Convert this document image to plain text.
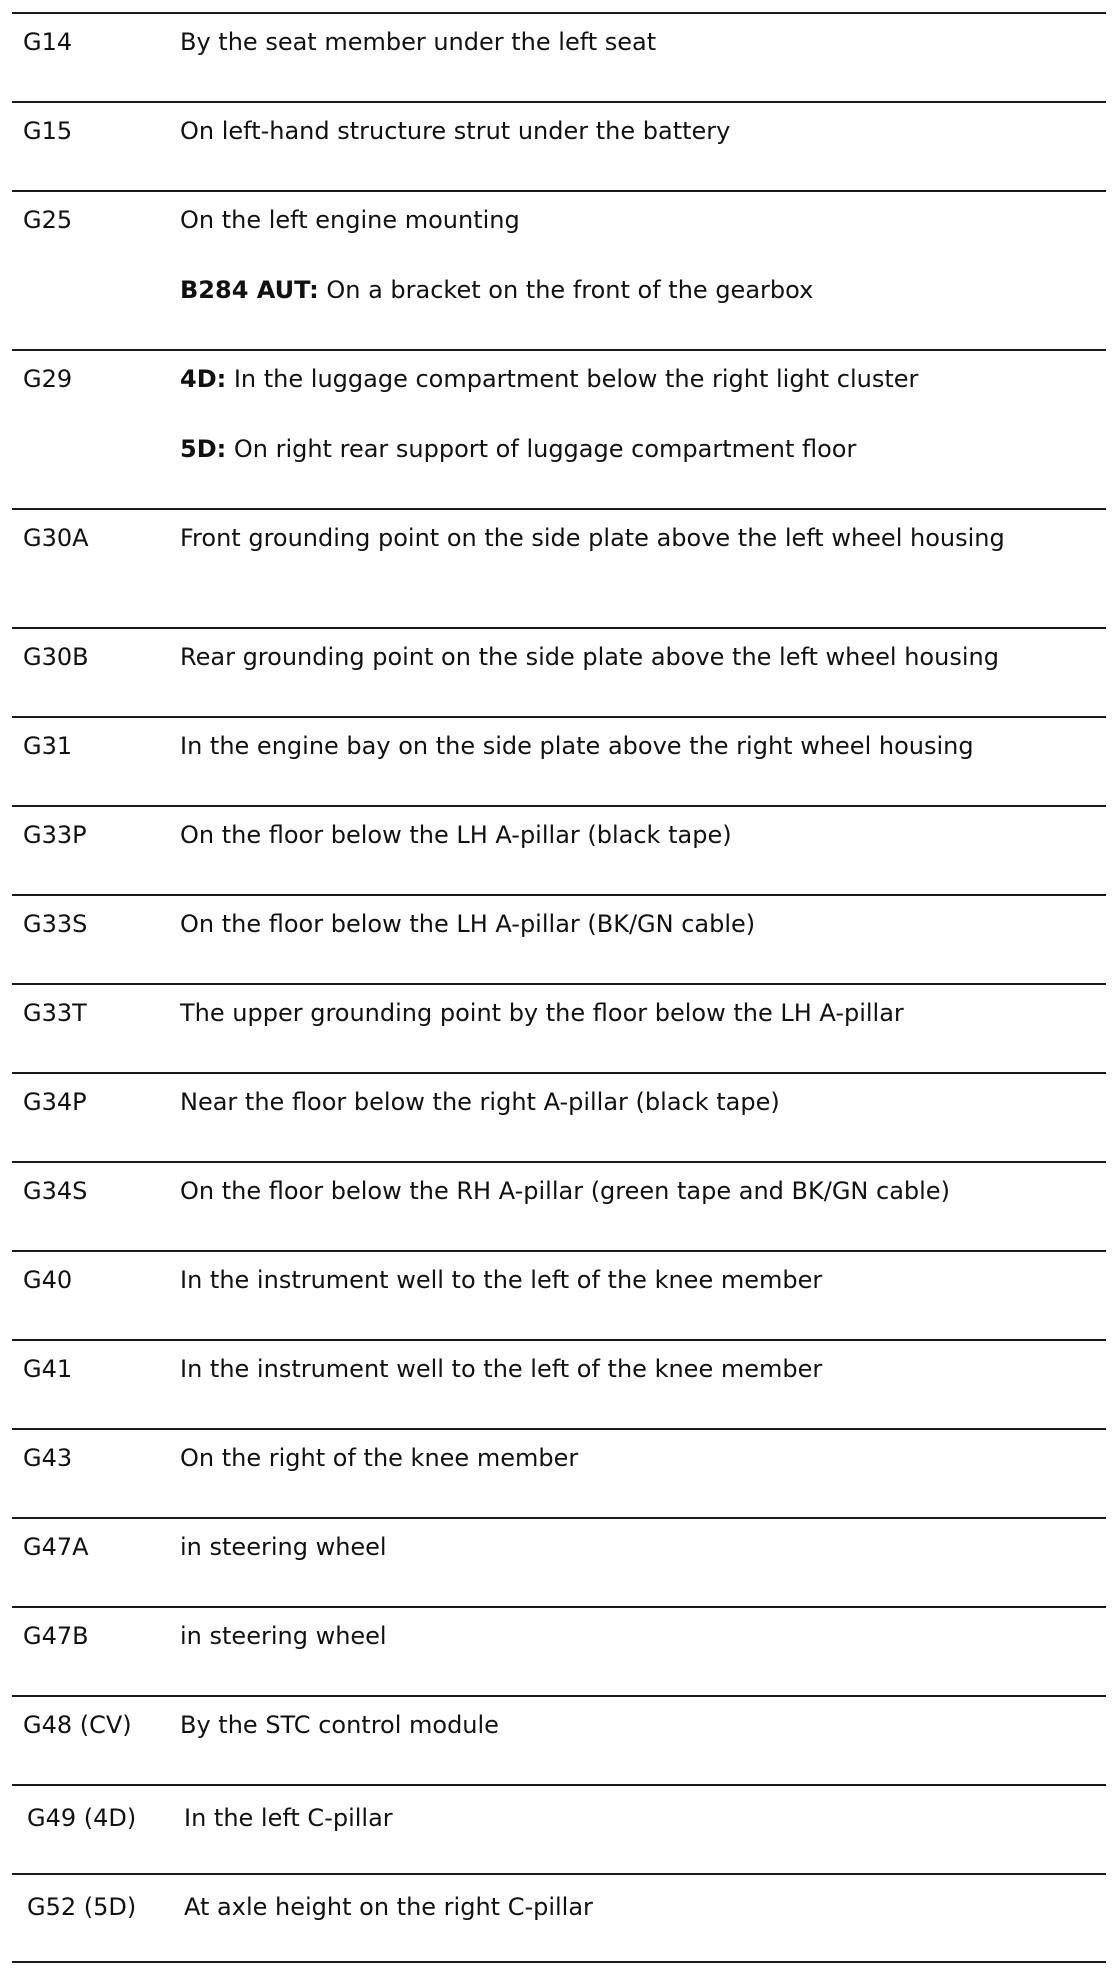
G14	By the seat member under the left seat
G15	On left-hand structure strut under the battery
G25	On the left engine mounting
B284 AUT: On a bracket on the front of the gearbox
G29	4D: In the luggage compartment below the right light cluster
5D: On right rear support of luggage compartment floor
G30A	Front grounding point on the side plate above the left wheel housing
G30B	Rear grounding point on the side plate above the left wheel housing
G31	In the engine bay on the side plate above the right wheel housing
G33P	On the floor below the LH A-pillar (black tape)
G33S	On the floor below the LH A-pillar (BK/GN cable)
G33T	The upper grounding point by the floor below the LH A-pillar
G34P	Near the floor below the right A-pillar (black tape)
G34S	On the floor below the RH A-pillar (green tape and BK/GN cable)
G40	In the instrument well to the left of the knee member
G41	In the instrument well to the left of the knee member
G43	On the right of the knee member
G47A	in steering wheel
G47B	in steering wheel
G48 (CV)	By the STC control module
G49 (4D)	In the left C-pillar
G52 (5D)	At axle height on the right C-pillar
